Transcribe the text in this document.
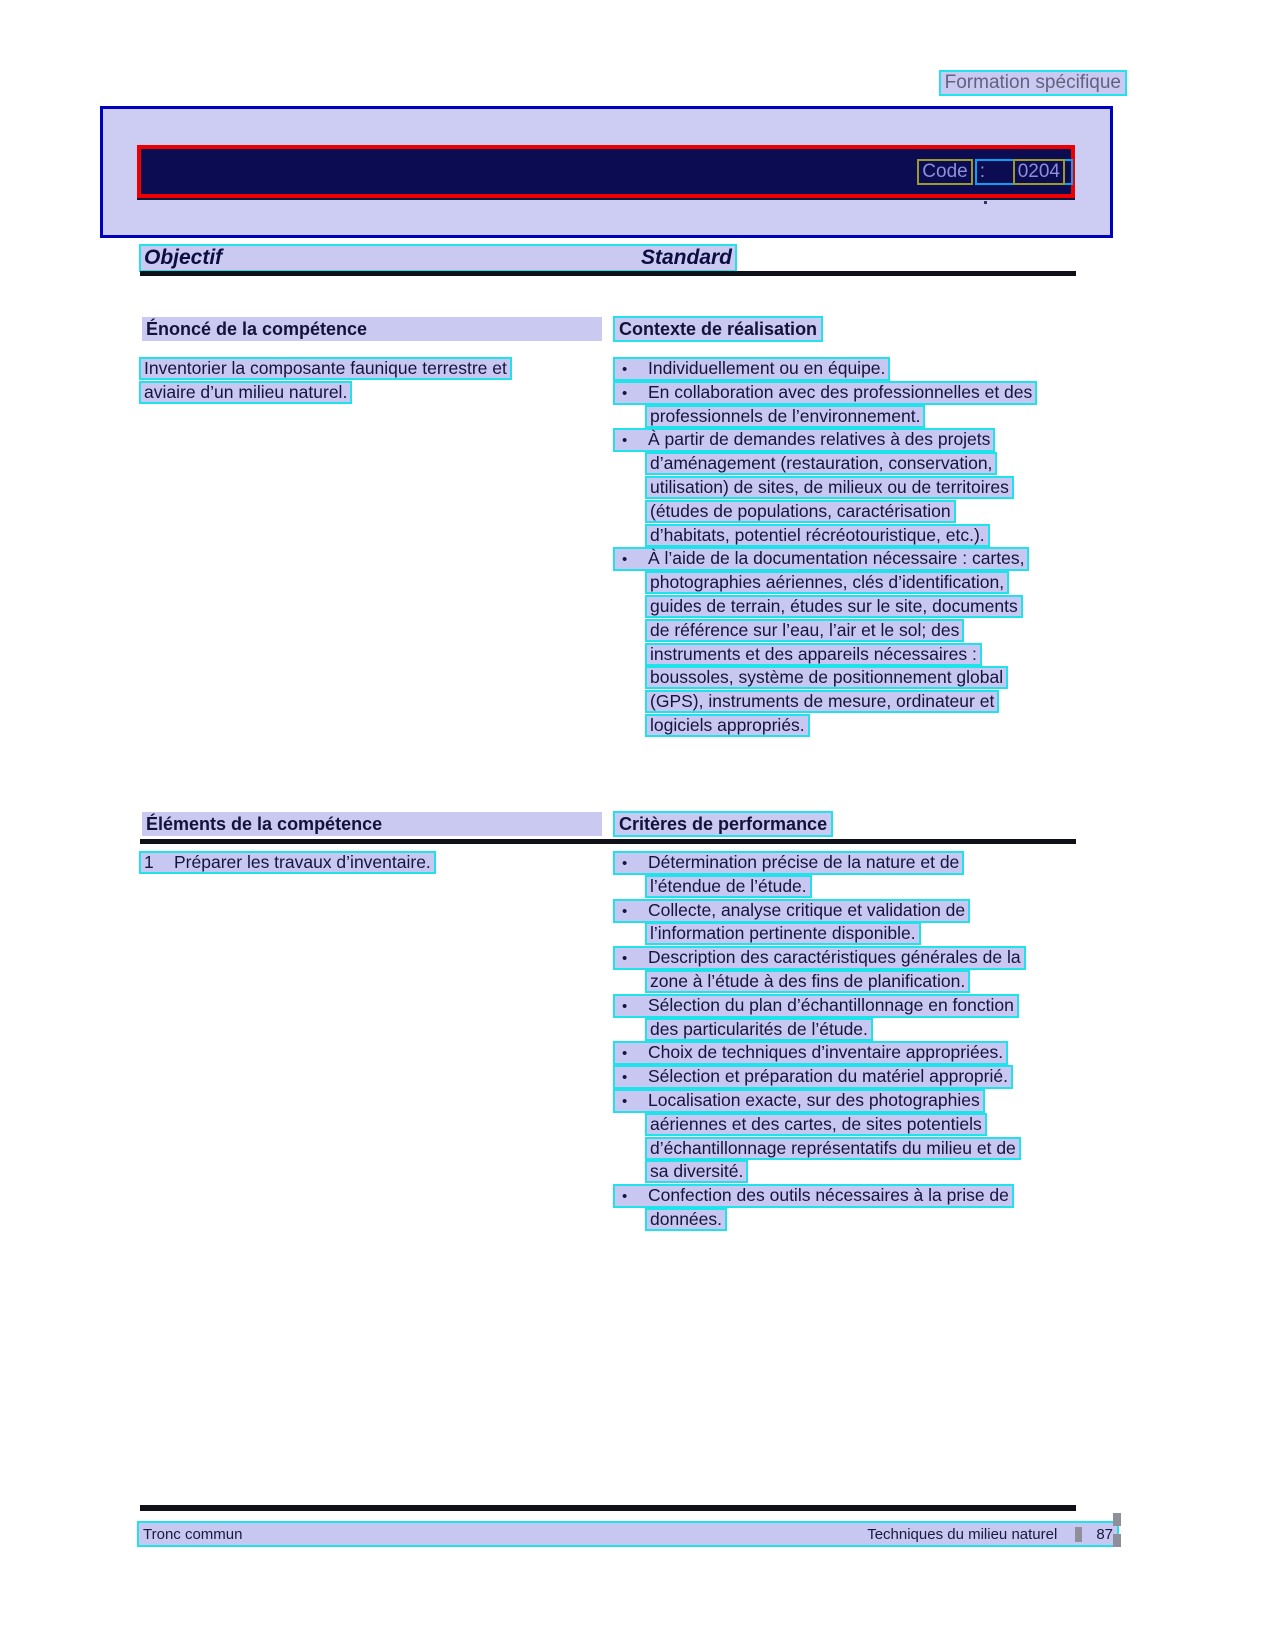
Formation spécifique
Code :	0204
Objectif	Standard
Énoncé de la compétence	Contexte de réalisation
Inventorier la composante faunique terrestre et
aviaire d’un milieu naturel.
• Individuellement ou en équipe.
• En collaboration avec des professionnelles et des
professionnels de l’environnement.
• À partir de demandes relatives à des projets
d’aménagement (restauration, conservation,
utilisation) de sites, de milieux ou de territoires
(études de populations, caractérisation
d’habitats, potentiel récréotouristique, etc.).
• À l’aide de la documentation nécessaire : cartes,
photographies aériennes, clés d’identification,
guides de terrain, études sur le site, documents
de référence sur l’eau, l’air et le sol; des
instruments et des appareils nécessaires :
boussoles, système de positionnement global
(GPS), instruments de mesure, ordinateur et
logiciels appropriés.
Éléments de la compétence	Critères de performance
1 Préparer les travaux d’inventaire.	• Détermination précise de la nature et de
l’étendue de l’étude.
• Collecte, analyse critique et validation de
l’information pertinente disponible.
• Description des caractéristiques générales de la
zone à l’étude à des fins de planification.
• Sélection du plan d’échantillonnage en fonction
des particularités de l’étude.
• Choix de techniques d’inventaire appropriées.
• Sélection et préparation du matériel approprié.
• Localisation exacte, sur des photographies
aériennes et des cartes, de sites potentiels
d’échantillonnage représentatifs du milieu et de
sa diversité.
• Confection des outils nécessaires à la prise de
données.
Tronc commun	Techniques du milieu naturel	87
